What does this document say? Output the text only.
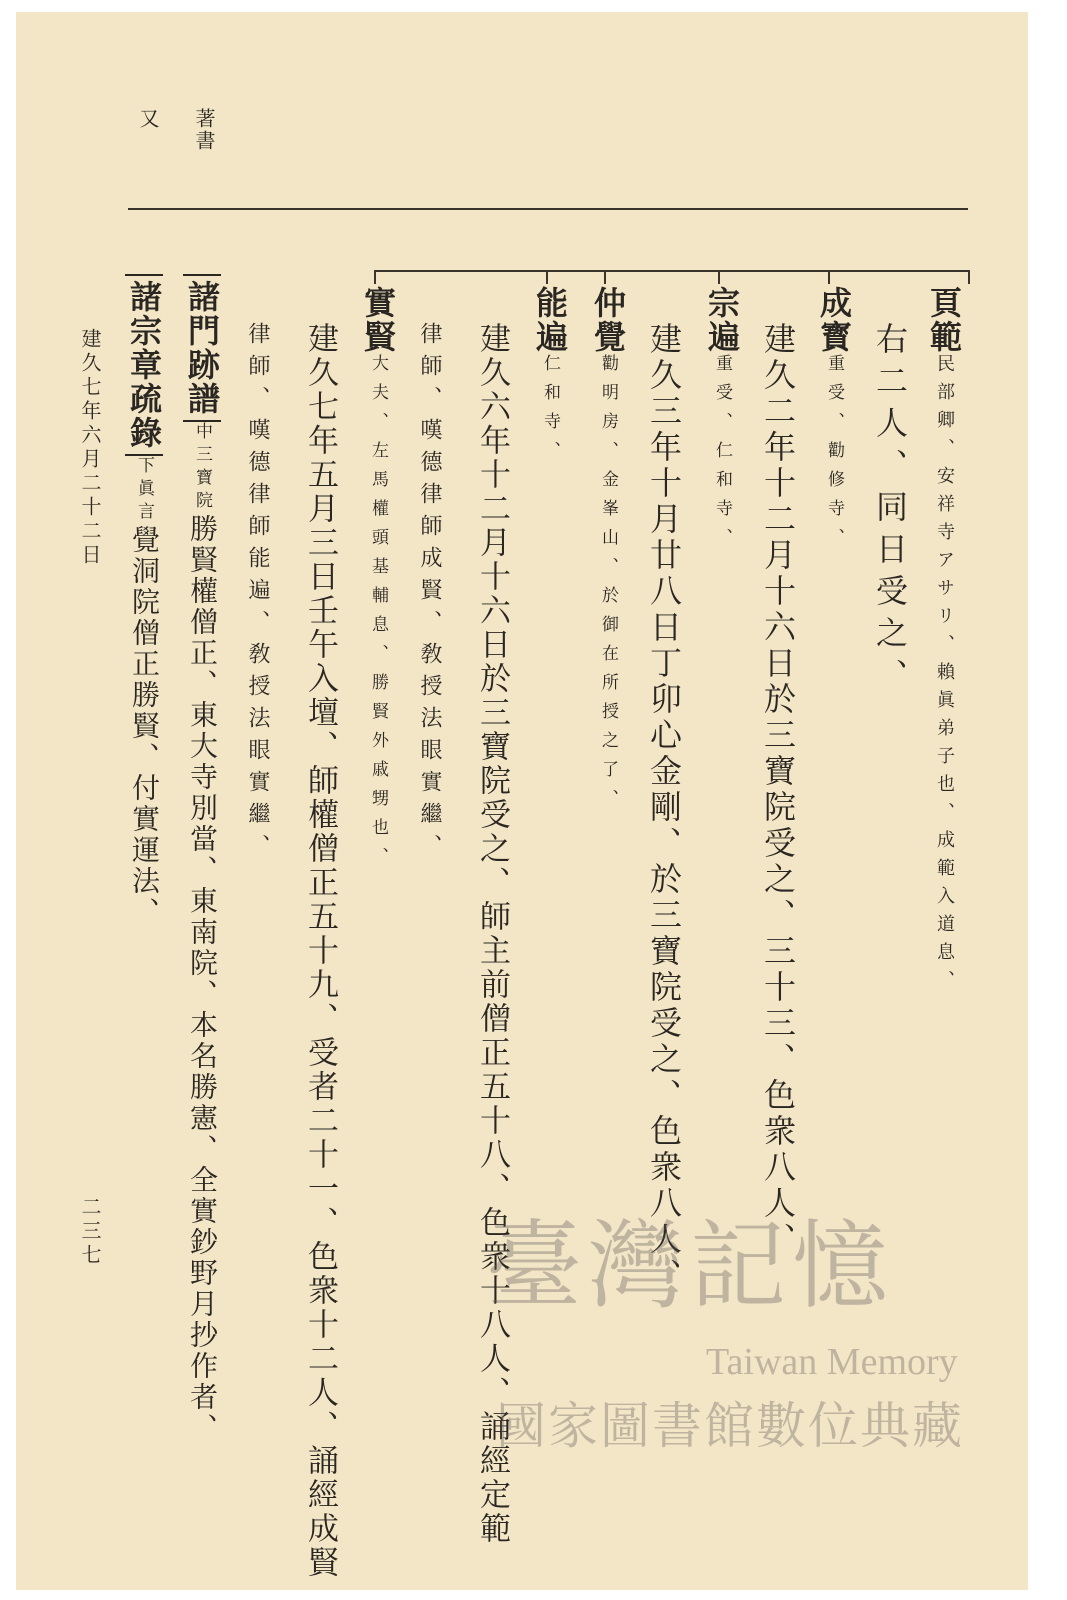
著書
又
頁範民部卿、安祥寺アサリ、賴眞弟子也、成範入道息、
右二人、同日受之、
成寳重受、勸修寺、
建久二年十二月十六日於三寶院受之、三十三、色衆八人、
宗遍重受、仁和寺、
建久三年十月廿八日丁卯心金剛、於三寶院受之、色衆八人、
仲覺勸明房、金峯山、於御在所授之了、
能遍仁和寺、
建久六年十二月十六日於三寶院受之、師主前僧正五十八、色衆十八人、誦經定範
律師、嘆德律師成賢、敎授法眼實繼、
實賢大夫、左馬權頭基輔息、勝賢外戚甥也、
建久七年五月三日壬午入壇、師權僧正五十九、受者二十一、色衆十二人、誦經成賢
律師、嘆德律師能遍、敎授法眼實繼、
諸門跡譜中三寶院勝賢權僧正、東大寺別當、東南院、本名勝憲、全實鈔野月抄作者、
諸宗章疏錄下眞言覺洞院僧正勝賢、付實運法、
建久七年六月二十二日
二三七	臺灣記憶
Taiwan Memory
國家圖書館數位典藏
